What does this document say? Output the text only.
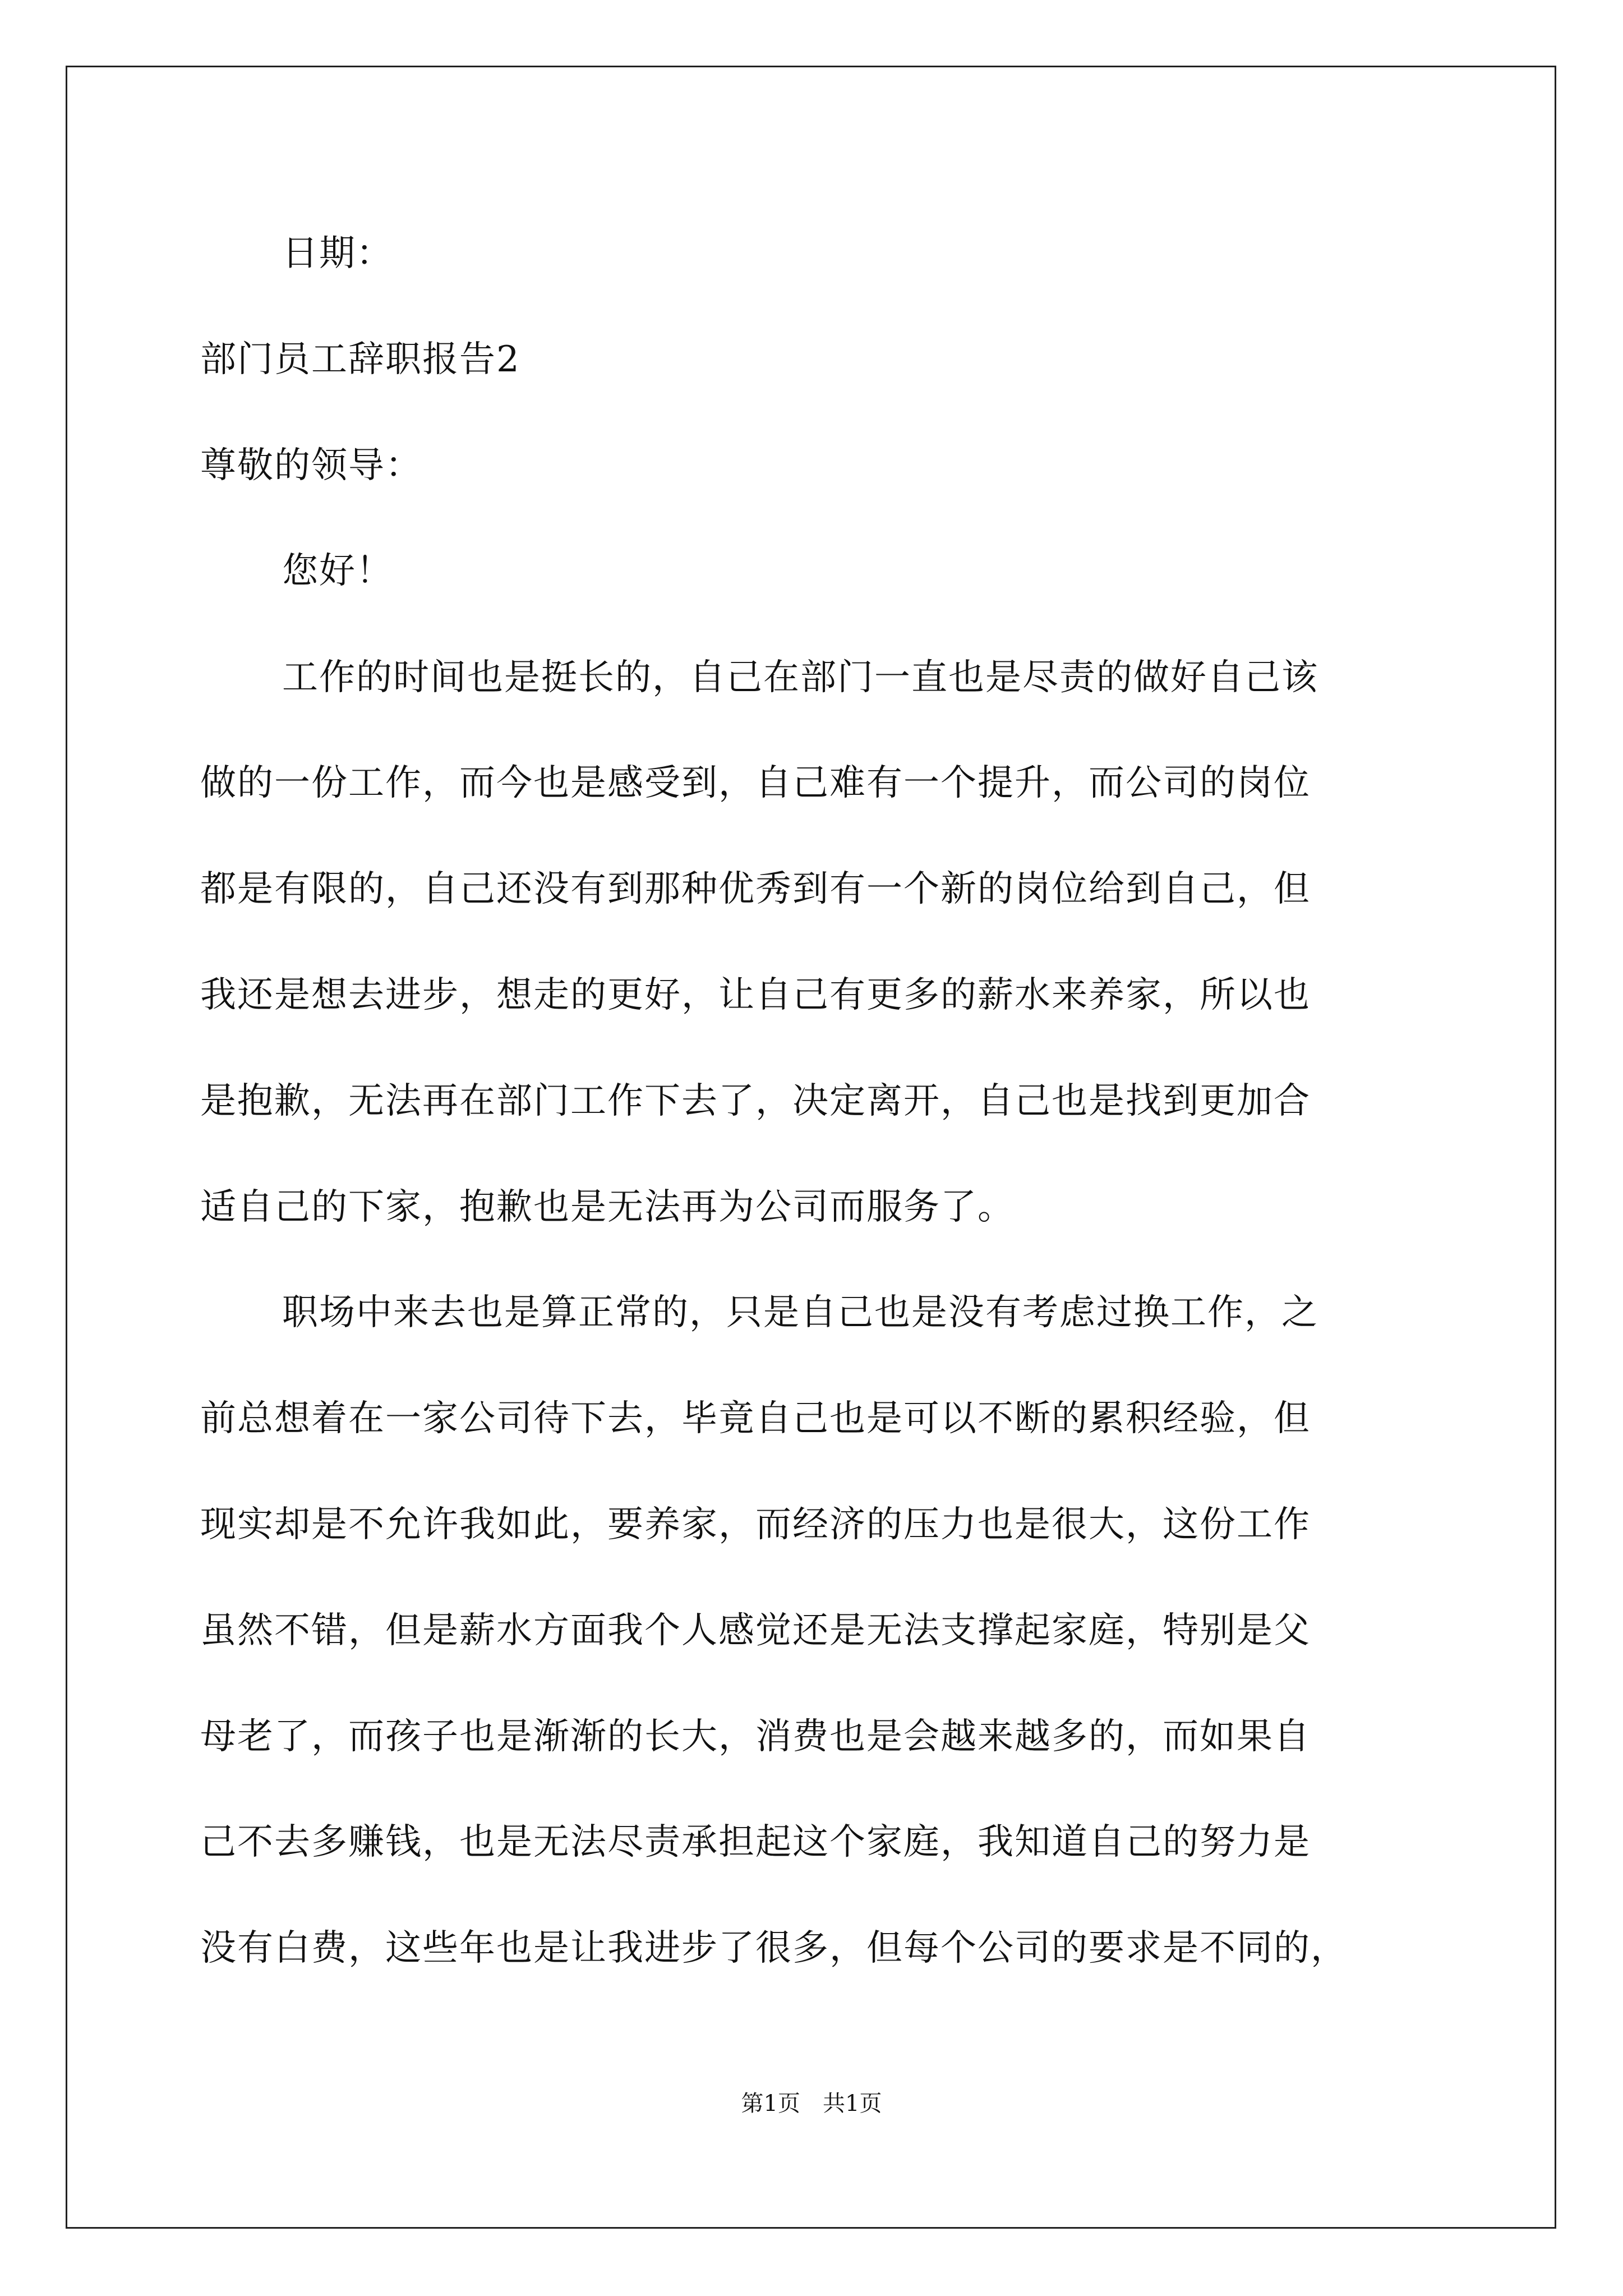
日期：
部门员工辞职报告2
尊敬的领导：
您好！
工作的时间也是挺长的，自己在部门一直也是尽责的做好自己该
做的一份工作，而今也是感受到，自己难有一个提升，而公司的岗位
都是有限的，自己还没有到那种优秀到有一个新的岗位给到自己，但
我还是想去进步，想走的更好，让自己有更多的薪水来养家，所以也
是抱歉，无法再在部门工作下去了，决定离开，自己也是找到更加合
适自己的下家，抱歉也是无法再为公司而服务了。
职场中来去也是算正常的，只是自己也是没有考虑过换工作，之
前总想着在一家公司待下去，毕竟自己也是可以不断的累积经验，但
现实却是不允许我如此，要养家，而经济的压力也是很大，这份工作
虽然不错，但是薪水方面我个人感觉还是无法支撑起家庭，特别是父
母老了，而孩子也是渐渐的长大，消费也是会越来越多的，而如果自
己不去多赚钱，也是无法尽责承担起这个家庭，我知道自己的努力是
没有白费，这些年也是让我进步了很多，但每个公司的要求是不同的，
第1页　共1页
